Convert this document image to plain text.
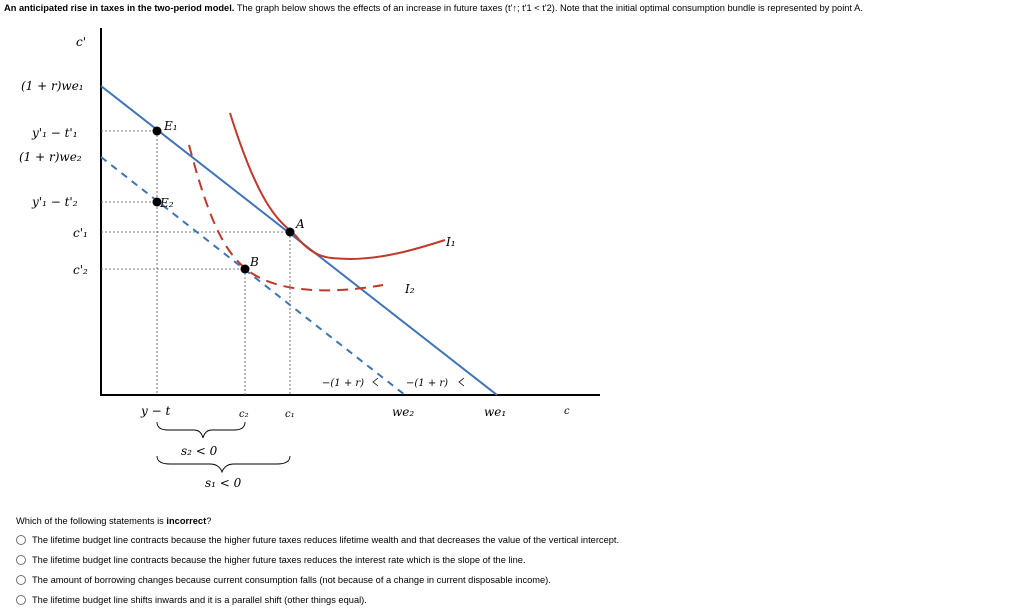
An anticipated rise in taxes in the two-period model. The graph below shows the effects of an increase in future taxes (t'↑; t'1 < t'2). Note that the initial optimal consumption bundle is represented by point A.
c'
c
(1 + r)we₁
y'₁ − t'₁
(1 + r)we₂
y'₁ − t'₂
c'₁
c'₂
y − t	c₂	c₁	we₂	we₁
E₁
E₂
A
B
I₁
I₂
−(1 + r)	−(1 + r)
s₂ < 0
s₁ < 0

Which of the following statements is incorrect?

The lifetime budget line contracts because the higher future taxes reduces lifetime wealth and that decreases the value of the vertical intercept.
The lifetime budget line contracts because the higher future taxes reduces the interest rate which is the slope of the line.
The amount of borrowing changes because current consumption falls (not because of a change in current disposable income).
The lifetime budget line shifts inwards and it is a parallel shift (other things equal).
